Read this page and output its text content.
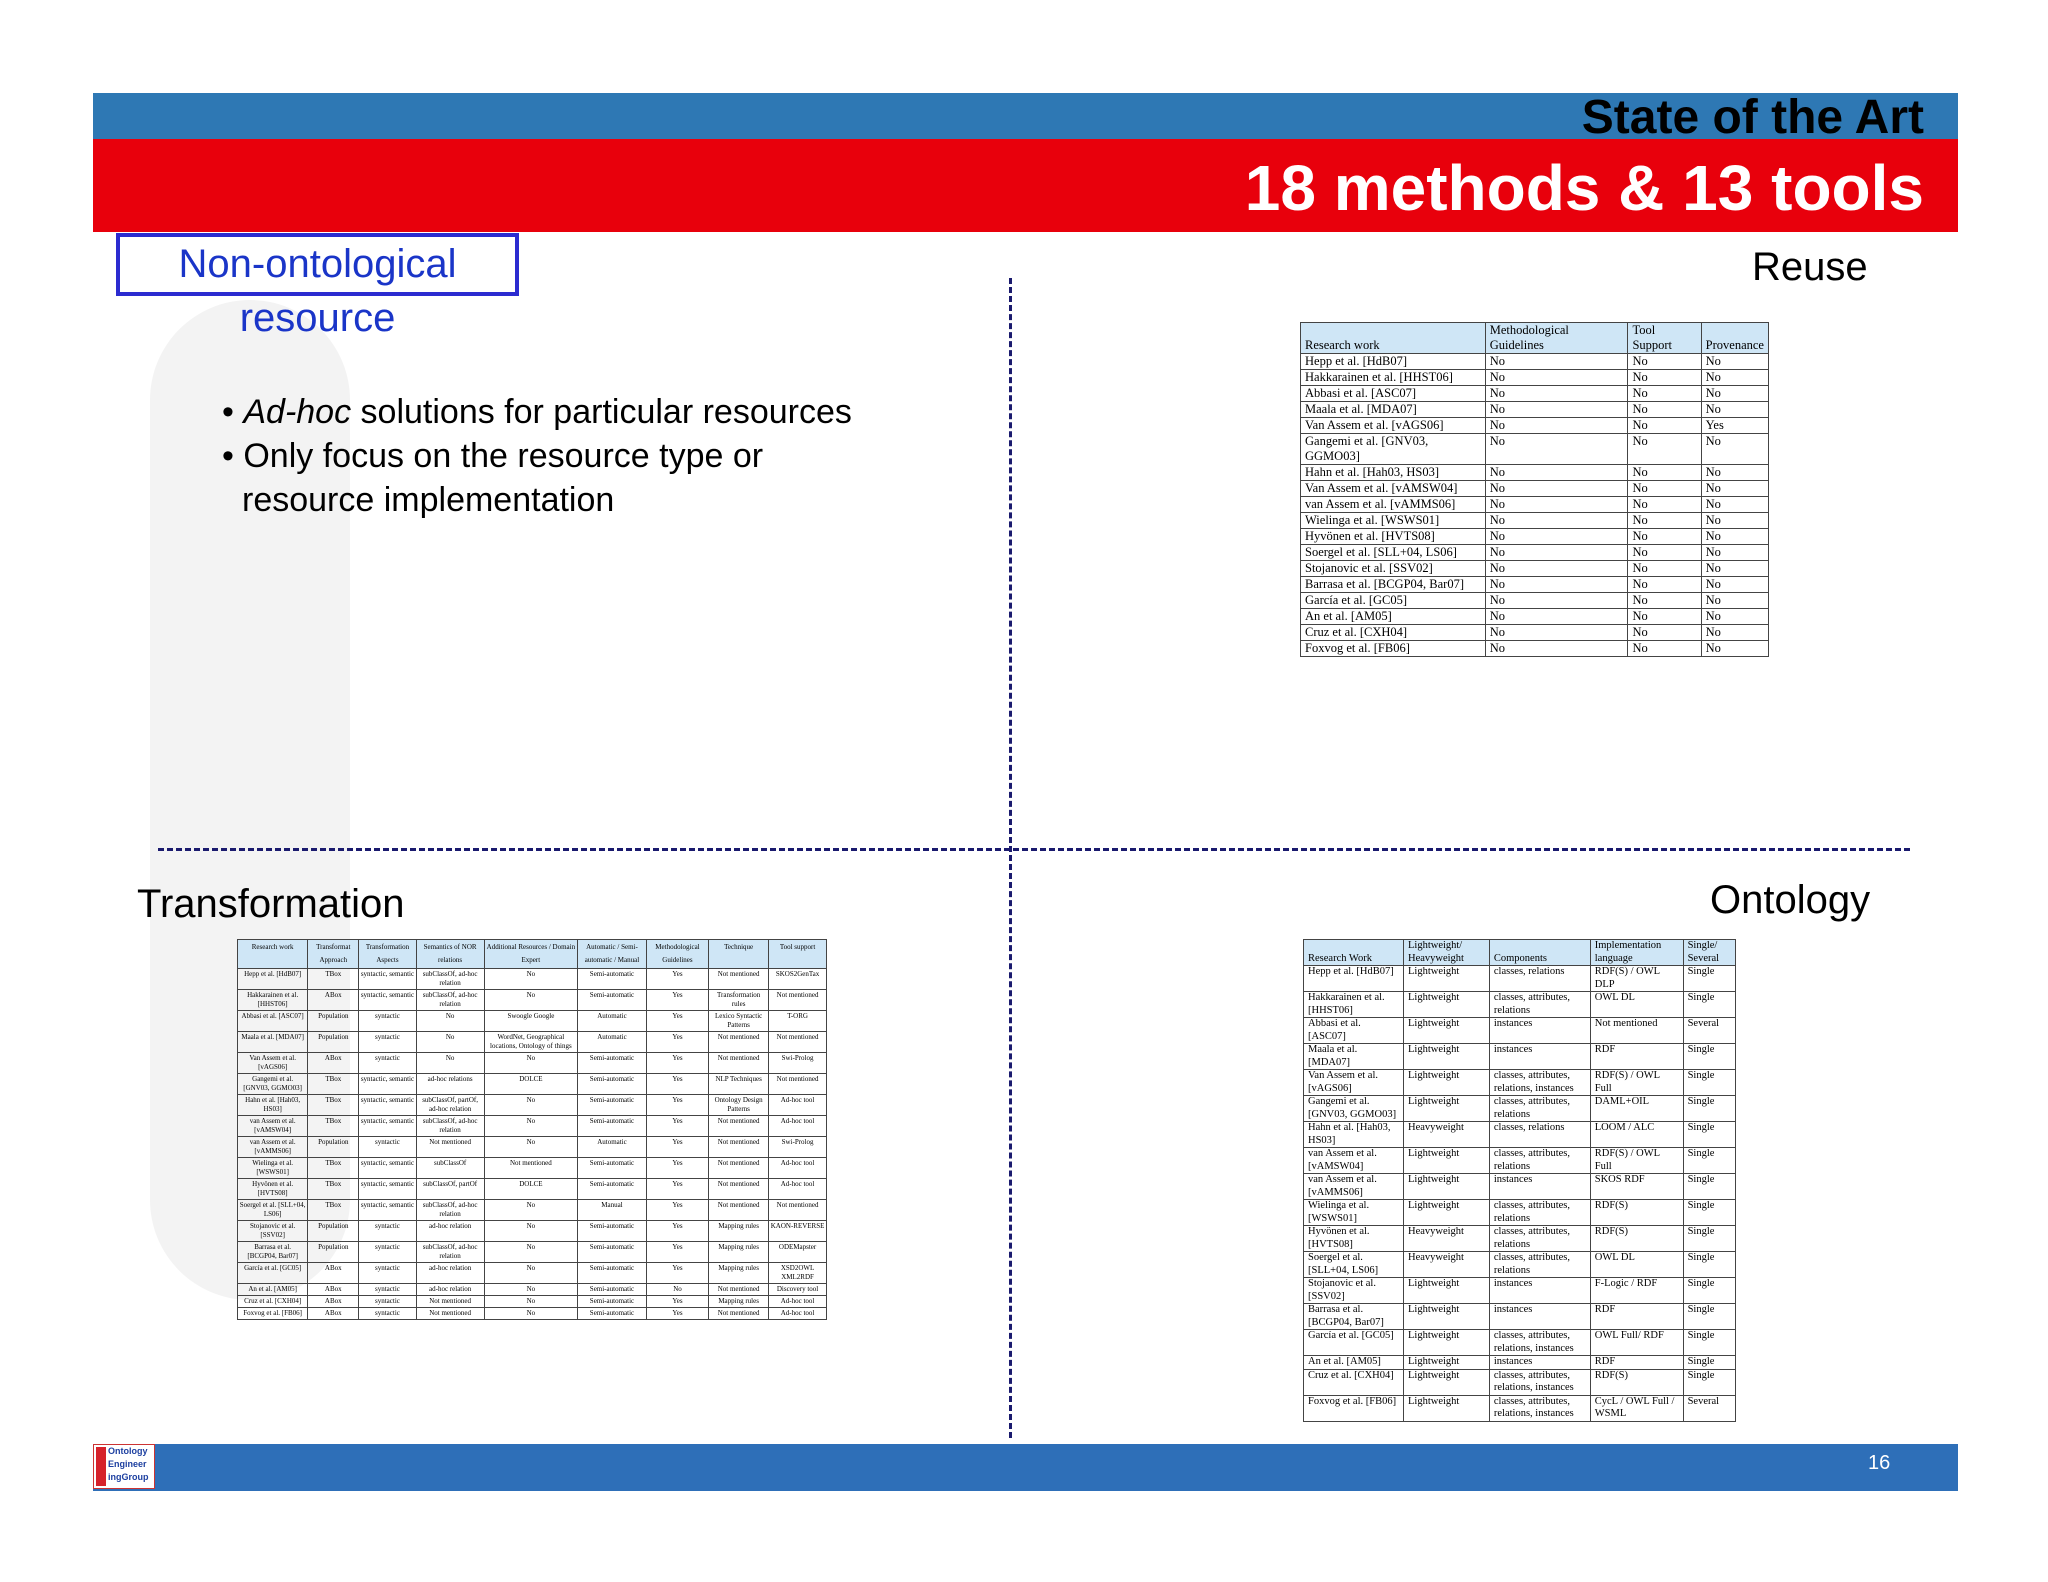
State of the Art
18 methods & 13 tools
Non-ontological resource
Reuse
Transformation	Ontology
• Ad-hoc solutions for particular resources
• Only focus on the resource type or
resource implementation
Research work	Methodological Guidelines	Tool Support	Provenance
Hepp et al. [HdB07]	No	No	No
Hakkarainen et al. [HHST06]	No	No	No
Abbasi et al. [ASC07]	No	No	No
Maala et al. [MDA07]	No	No	No
Van Assem et al. [vAGS06]	No	No	Yes
Gangemi et al. [GNV03, GGMO03]	No	No	No
Hahn et al. [Hah03, HS03]	No	No	No
Van Assem et al. [vAMSW04]	No	No	No
van Assem et al. [vAMMS06]	No	No	No
Wielinga et al. [WSWS01]	No	No	No
Hyvönen et al. [HVTS08]	No	No	No
Soergel et al. [SLL+04, LS06]	No	No	No
Stojanovic et al. [SSV02]	No	No	No
Barrasa et al. [BCGP04, Bar07]	No	No	No
García et al. [GC05]	No	No	No
An et al. [AM05]	No	No	No
Cruz et al. [CXH04]	No	No	No
Foxvog et al. [FB06]	No	No	No
Research work	Transformat Approach	Transformation Aspects	Semantics of NOR relations	Additional Resources / Domain Expert	Automatic / Semi-automatic / Manual	Methodological Guidelines	Technique	Tool support
Hepp et al. [HdB07]	TBox	syntactic, semantic	subClassOf, ad-hoc relation	No	Semi-automatic	Yes	Not mentioned	SKOS2GenTax
Hakkarainen et al. [HHST06]	ABox	syntactic, semantic	subClassOf, ad-hoc relation	No	Semi-automatic	Yes	Transformation rules	Not mentioned
Abbasi et al. [ASC07]	Population	syntactic	No	Swoogle Google	Automatic	Yes	Lexico Syntactic Patterns	T-ORG
Maala et al. [MDA07]	Population	syntactic	No	WordNet, Geographical locations, Ontology of things	Automatic	Yes	Not mentioned	Not mentioned
Van Assem et al. [vAGS06]	ABox	syntactic	No	No	Semi-automatic	Yes	Not mentioned	Swi-Prolog
Gangemi et al. [GNV03, GGMO03]	TBox	syntactic, semantic	ad-hoc relations	DOLCE	Semi-automatic	Yes	NLP Techniques	Not mentioned
Hahn et al. [Hah03, HS03]	TBox	syntactic, semantic	subClassOf, partOf, ad-hoc relation	No	Semi-automatic	Yes	Ontology Design Patterns	Ad-hoc tool
van Assem et al. [vAMSW04]	TBox	syntactic, semantic	subClassOf, ad-hoc relation	No	Semi-automatic	Yes	Not mentioned	Ad-hoc tool
van Assem et al. [vAMMS06]	Population	syntactic	Not mentioned	No	Automatic	Yes	Not mentioned	Swi-Prolog
Wielinga et al. [WSWS01]	TBox	syntactic, semantic	subClassOf	Not mentioned	Semi-automatic	Yes	Not mentioned	Ad-hoc tool
Hyvönen et al. [HVTS08]	TBox	syntactic, semantic	subClassOf, partOf	DOLCE	Semi-automatic	Yes	Not mentioned	Ad-hoc tool
Soergel et al. [SLL+04, LS06]	TBox	syntactic, semantic	subClassOf, ad-hoc relation	No	Manual	Yes	Not mentioned	Not mentioned
Stojanovic et al. [SSV02]	Population	syntactic	ad-hoc relation	No	Semi-automatic	Yes	Mapping rules	KAON-REVERSE
Barrasa et al. [BCGP04, Bar07]	Population	syntactic	subClassOf, ad-hoc relation	No	Semi-automatic	Yes	Mapping rules	ODEMapster
García et al. [GC05]	ABox	syntactic	ad-hoc relation	No	Semi-automatic	Yes	Mapping rules	XSD2OWL XML2RDF
An et al. [AM05]	ABox	syntactic	ad-hoc relation	No	Semi-automatic	No	Not mentioned	Discovery tool
Cruz et al. [CXH04]	ABox	syntactic	Not mentioned	No	Semi-automatic	Yes	Mapping rules	Ad-hoc tool
Foxvog et al. [FB06]	ABox	syntactic	Not mentioned	No	Semi-automatic	Yes	Not mentioned	Ad-hoc tool
Research Work	Lightweight/ Heavyweight	Components	Implementation language	Single/ Several
Hepp et al. [HdB07]	Lightweight	classes, relations	RDF(S) / OWL DLP	Single
Hakkarainen et al. [HHST06]	Lightweight	classes, attributes, relations	OWL DL	Single
Abbasi et al. [ASC07]	Lightweight	instances	Not mentioned	Several
Maala et al. [MDA07]	Lightweight	instances	RDF	Single
Van Assem et al. [vAGS06]	Lightweight	classes, attributes, relations, instances	RDF(S) / OWL Full	Single
Gangemi et al. [GNV03, GGMO03]	Lightweight	classes, attributes, relations	DAML+OIL	Single
Hahn et al. [Hah03, HS03]	Heavyweight	classes, relations	LOOM / ALC	Single
van Assem et al. [vAMSW04]	Lightweight	classes, attributes, relations	RDF(S) / OWL Full	Single
van Assem et al. [vAMMS06]	Lightweight	instances	SKOS RDF	Single
Wielinga et al. [WSWS01]	Lightweight	classes, attributes, relations	RDF(S)	Single
Hyvönen et al. [HVTS08]	Heavyweight	classes, attributes, relations	RDF(S)	Single
Soergel et al. [SLL+04, LS06]	Heavyweight	classes, attributes, relations	OWL DL	Single
Stojanovic et al. [SSV02]	Lightweight	instances	F-Logic / RDF	Single
Barrasa et al. [BCGP04, Bar07]	Lightweight	instances	RDF	Single
García et al. [GC05]	Lightweight	classes, attributes, relations, instances	OWL Full/ RDF	Single
An et al. [AM05]	Lightweight	instances	RDF	Single
Cruz et al. [CXH04]	Lightweight	classes, attributes, relations, instances	RDF(S)	Single
Foxvog et al. [FB06]	Lightweight	classes, attributes, relations, instances	CycL / OWL Full / WSML	Several
Ontology
Engineer
ingGroup
16
